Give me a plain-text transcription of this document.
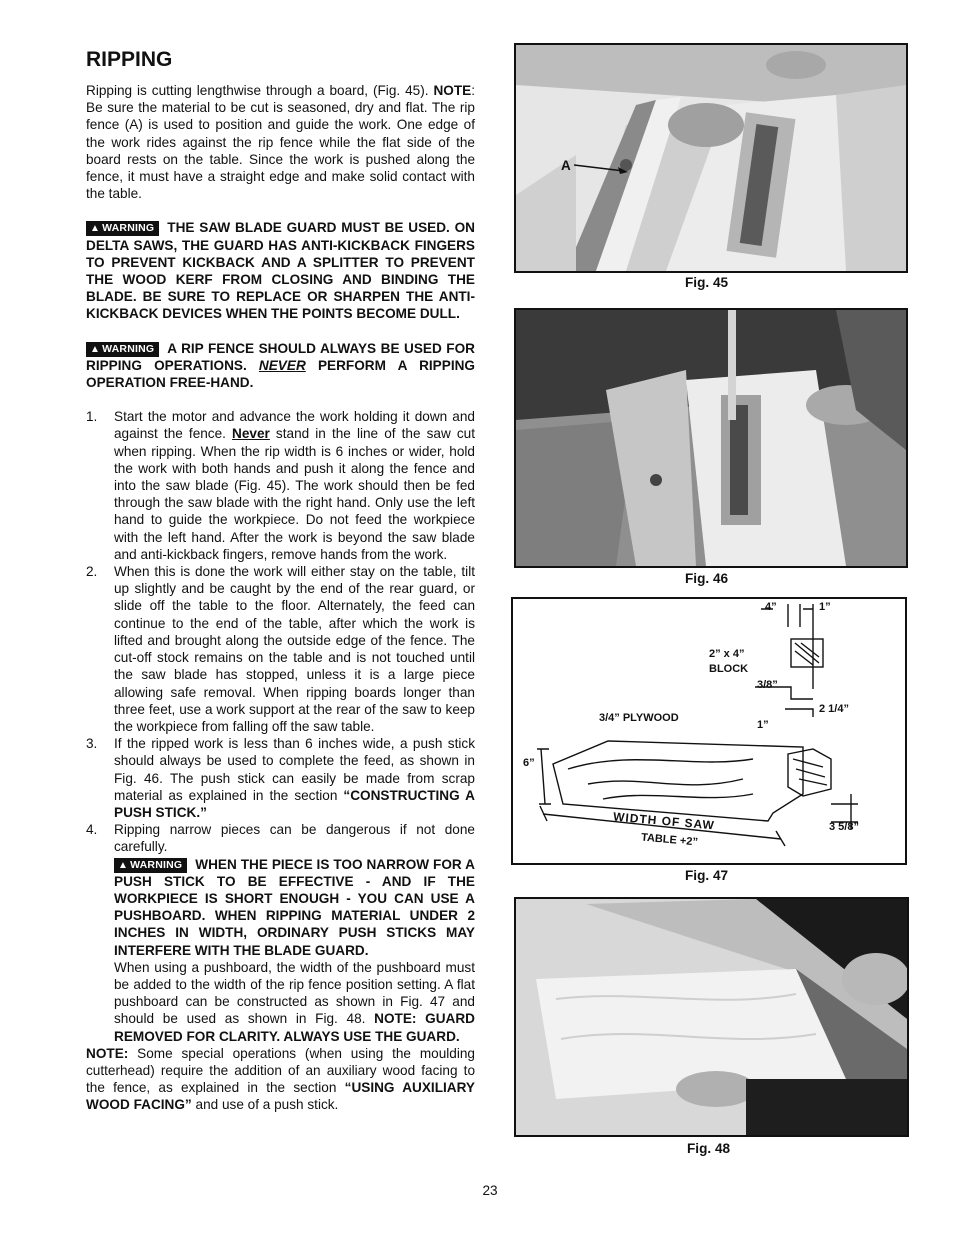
RIPPING

Ripping is cutting lengthwise through a board, (Fig. 45). NOTE: Be sure the material to be cut is seasoned, dry and flat. The rip fence (A) is used to position and guide the work. One edge of the work rides against the rip fence while the flat side of the board rests on the table. Since the work is pushed along the fence, it must have a straight edge and make solid contact with the table.

▲ WARNING THE SAW BLADE GUARD MUST BE USED. ON DELTA SAWS, THE GUARD HAS ANTI-KICKBACK FINGERS TO PREVENT KICKBACK AND A SPLITTER TO PREVENT THE WOOD KERF FROM CLOSING AND BINDING THE BLADE. BE SURE TO REPLACE OR SHARPEN THE ANTI-KICKBACK DEVICES WHEN THE POINTS BECOME DULL.

▲ WARNING A RIP FENCE SHOULD ALWAYS BE USED FOR RIPPING OPERATIONS. NEVER PERFORM A RIPPING OPERATION FREE-HAND.

1. Start the motor and advance the work holding it down and against the fence. Never stand in the line of the saw cut when ripping. When the rip width is 6 inches or wider, hold the work with both hands and push it along the fence and into the saw blade (Fig. 45). The work should then be fed through the saw blade with the right hand. Only use the left hand to guide the workpiece. Do not feed the workpiece with the left hand. After the work is beyond the saw blade and anti-kickback fingers, remove hands from the work.
2. When this is done the work will either stay on the table, tilt up slightly and be caught by the end of the rear guard, or slide off the table to the floor. Alternately, the feed can continue to the end of the table, after which the work is lifted and brought along the outside edge of the fence. The cut-off stock remains on the table and is not touched until the saw blade has stopped, unless it is a large piece allowing safe removal. When ripping boards longer than three feet, use a work support at the rear of the saw to keep the workpiece from falling off the saw table.
3. If the ripped work is less than 6 inches wide, a push stick should always be used to complete the feed, as shown in Fig. 46. The push stick can easily be made from scrap material as explained in the section “CONSTRUCTING A PUSH STICK.”
4. Ripping narrow pieces can be dangerous if not done carefully.
▲ WARNING WHEN THE PIECE IS TOO NARROW FOR A PUSH STICK TO BE EFFECTIVE - AND IF THE WORKPIECE IS SHORT ENOUGH - YOU CAN USE A PUSHBOARD. WHEN RIPPING MATERIAL UNDER 2 INCHES IN WIDTH, ORDINARY PUSH STICKS MAY INTERFERE WITH THE BLADE GUARD.
When using a pushboard, the width of the pushboard must be added to the width of the rip fence position setting. A flat pushboard can be constructed as shown in Fig. 47 and should be used as shown in Fig. 48. NOTE: GUARD REMOVED FOR CLARITY. ALWAYS USE THE GUARD.

NOTE: Some special operations (when using the moulding cutterhead) require the addition of an auxiliary wood facing to the fence, as explained in the section “USING AUXILIARY WOOD FACING” and use of a push stick.

A
Fig. 45
Fig. 46
4”	1”
2” x 4”
BLOCK
3/8”
2 1/4”
3/4” PLYWOOD
1”
6”
WIDTH OF SAW
TABLE +2”
3 5/8”
Fig. 47
Fig. 48
23
